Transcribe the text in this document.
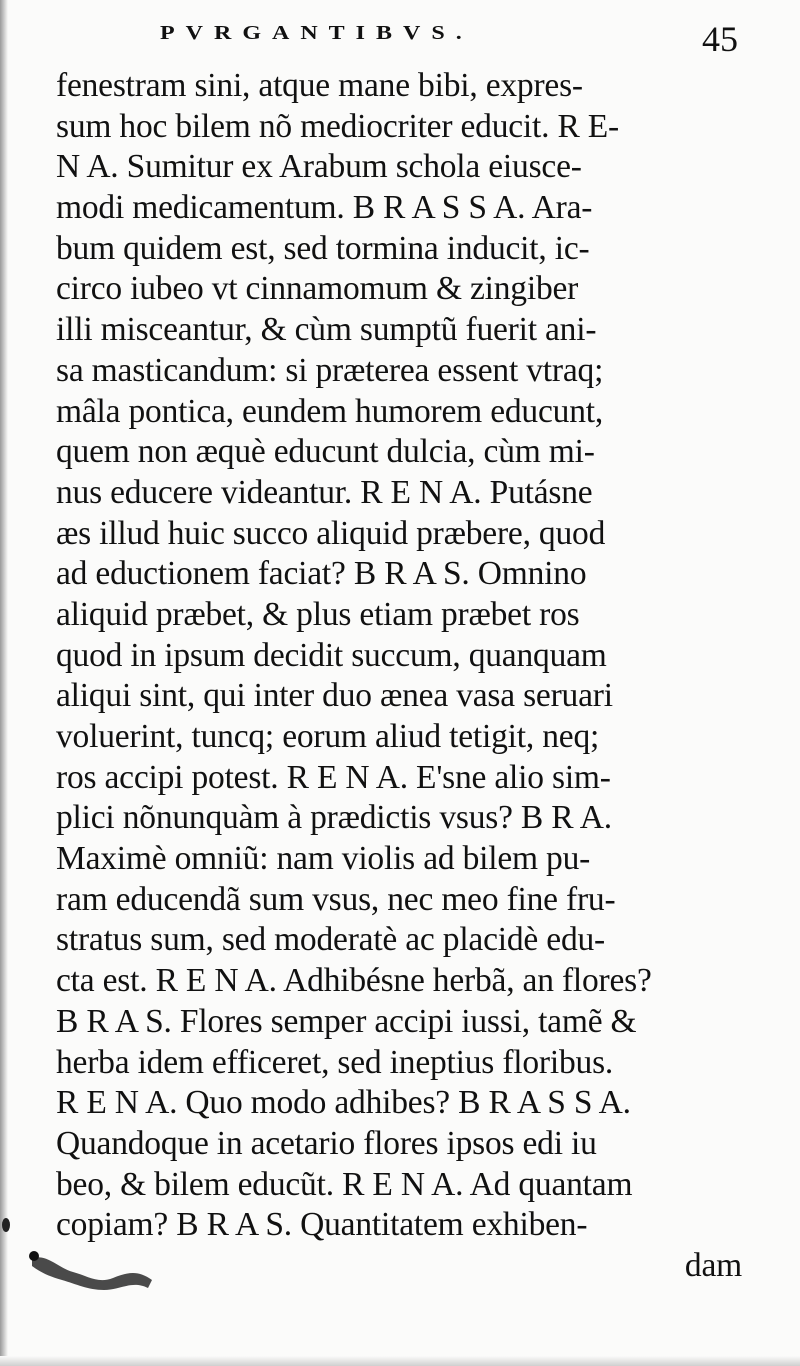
PVRGANTIBVS.	45
fenestram sini, atque mane bibi, expres-
sum hoc bilem nõ mediocriter educit. R E-
N A. Sumitur ex Arabum schola eiusce-
modi medicamentum. B R A S S A. Ara-
bum quidem est, sed tormina inducit, ic-
circo iubeo vt cinnamomum & zingiber
illi misceantur, & cùm sumptũ fuerit ani-
sa masticandum: si præterea essent vtraq;
mâla pontica, eundem humorem educunt,
quem non æquè educunt dulcia, cùm mi-
nus educere videantur. R E N A. Putásne
æs illud huic succo aliquid præbere, quod
ad eductionem faciat? B R A S. Omnino
aliquid præbet, & plus etiam præbet ros
quod in ipsum decidit succum, quanquam
aliqui sint, qui inter duo ænea vasa seruari
voluerint, tuncq; eorum aliud tetigit, neq;
ros accipi potest. R E N A. E'sne alio sim-
plici nõnunquàm à prædictis vsus? B R A.
Maximè omniũ: nam violis ad bilem pu-
ram educendã sum vsus, nec meo fine fru-
stratus sum, sed moderatè ac placidè edu-
cta est. R E N A. Adhibésne herbã, an flores?
B R A S. Flores semper accipi iussi, tamẽ &
herba idem efficeret, sed ineptius floribus.
R E N A. Quo modo adhibes? B R A S S A.
Quandoque in acetario flores ipsos edi iu
beo, & bilem educũt. R E N A. Ad quantam
copiam? B R A S. Quantitatem exhiben-
dam
